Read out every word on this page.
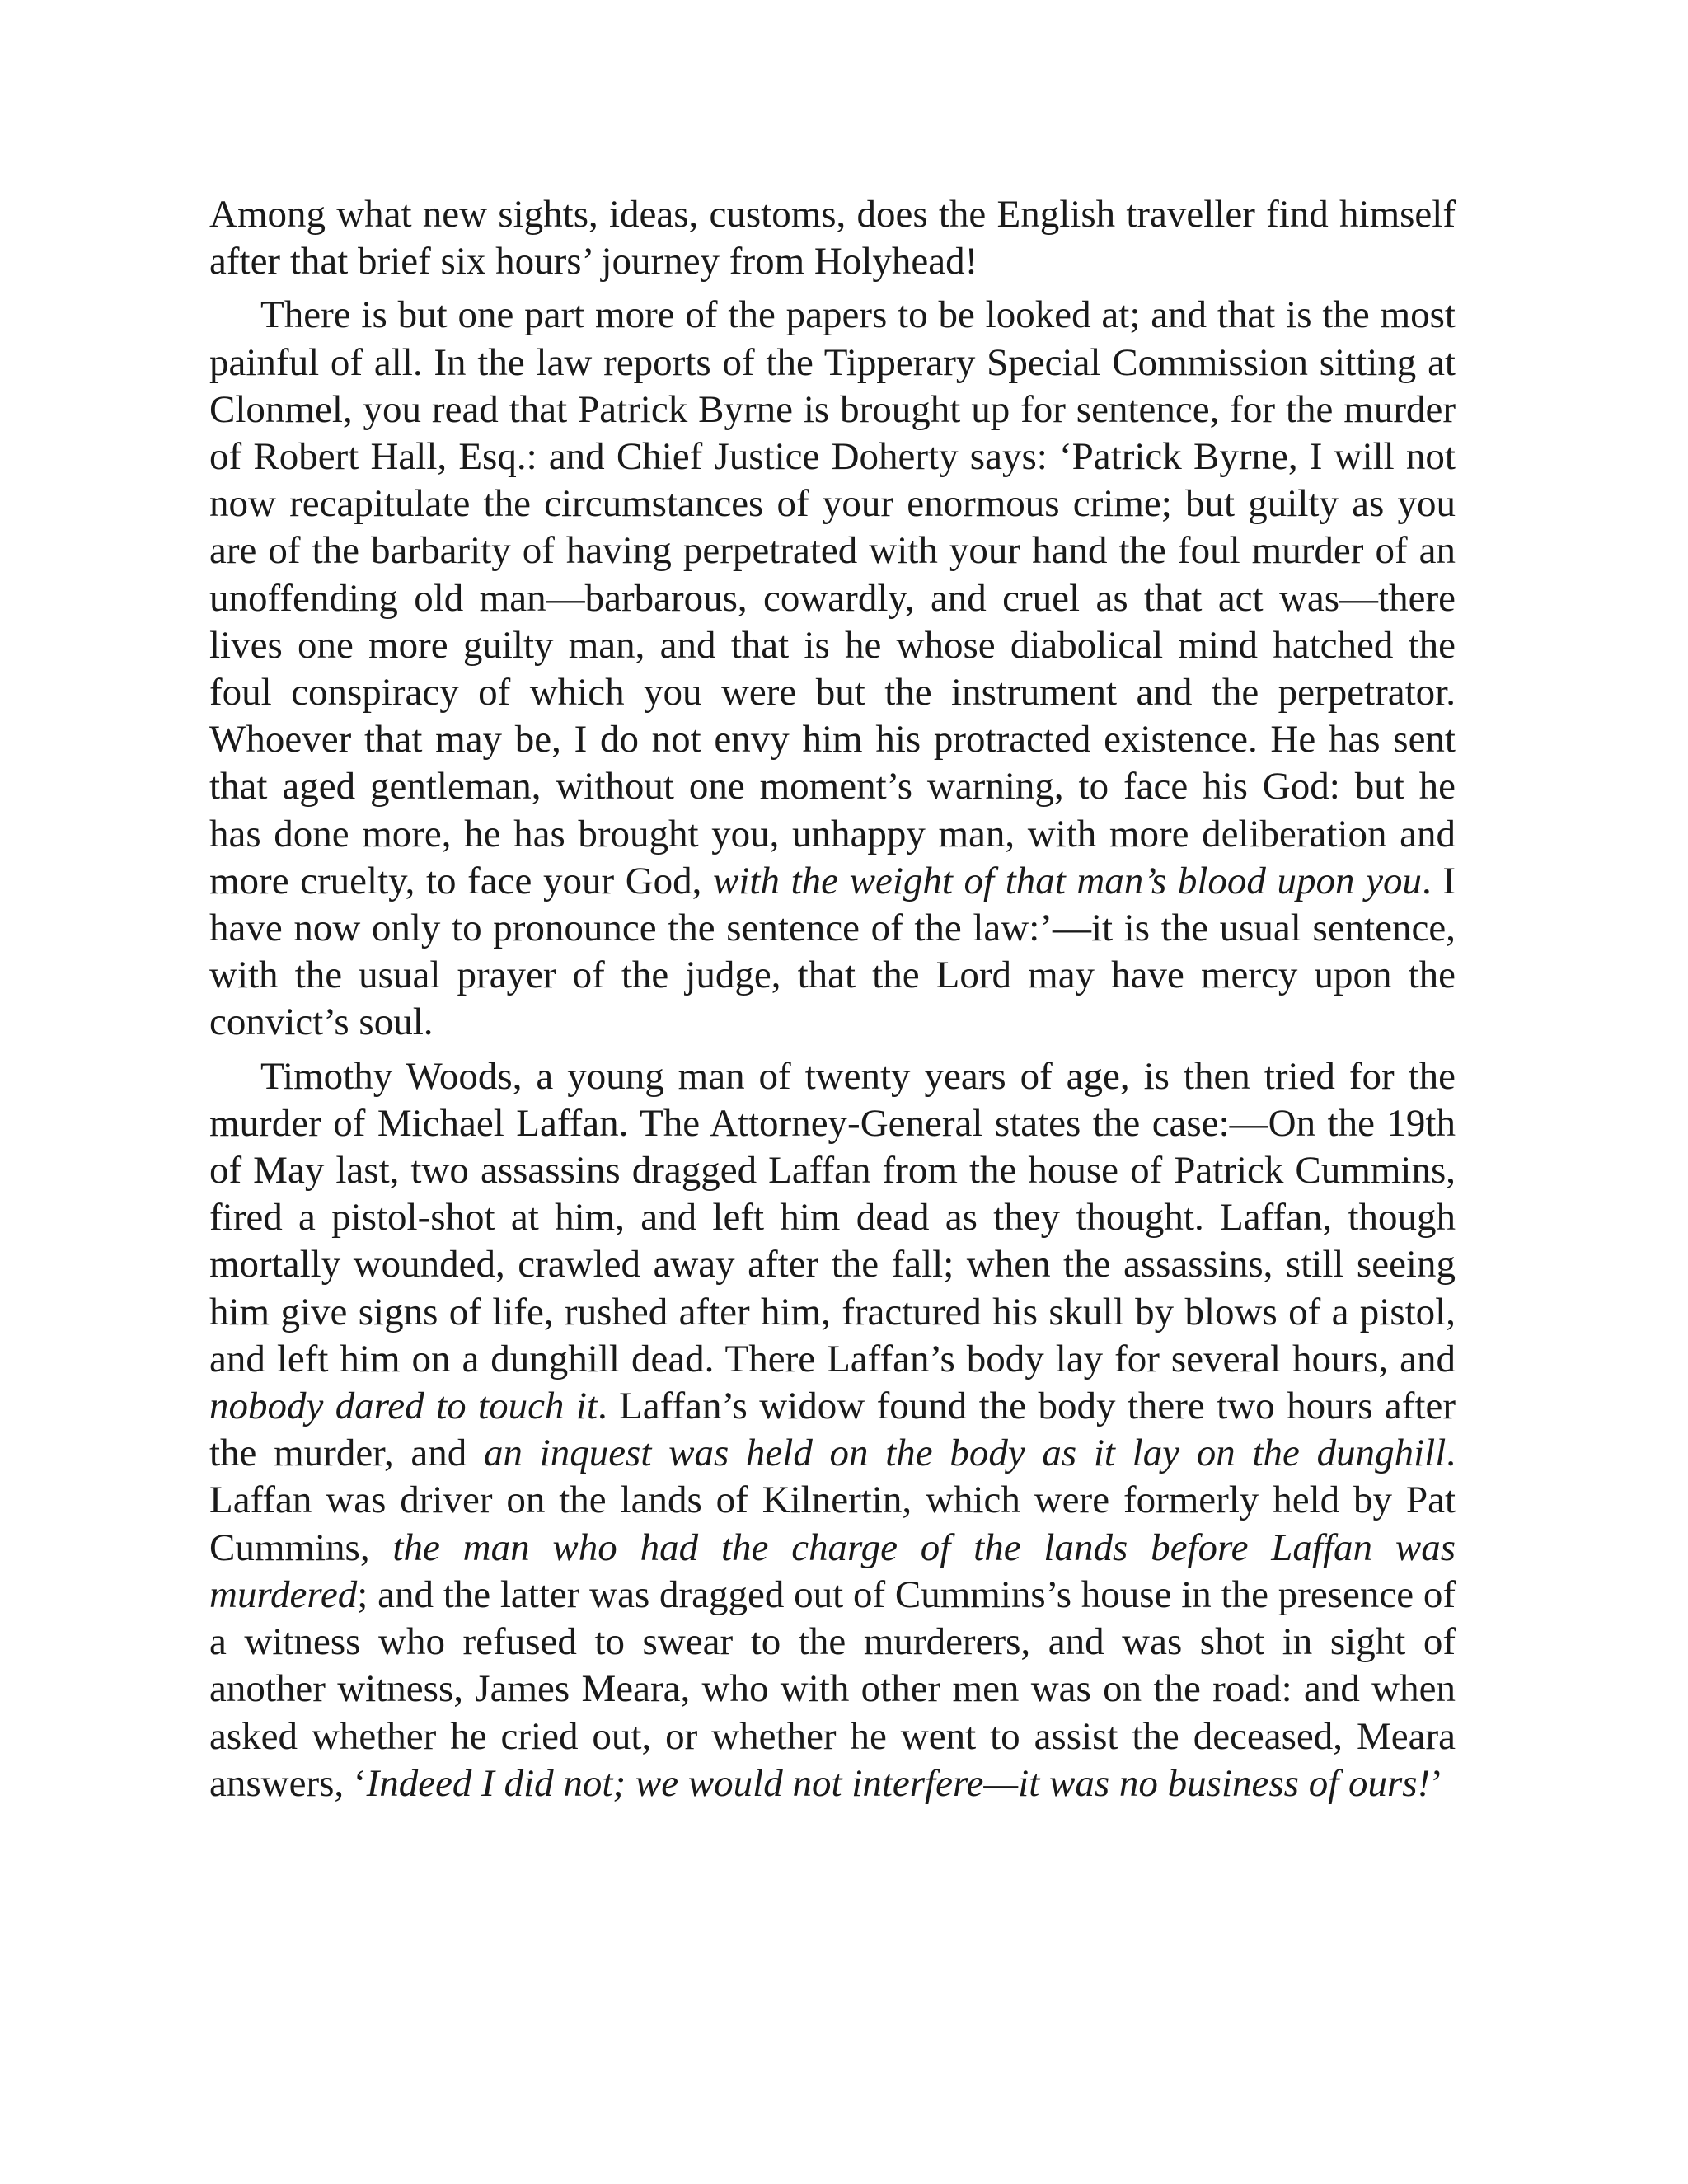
Among what new sights, ideas, customs, does the English traveller find himself after that brief six hours’ journey from Holyhead!

There is but one part more of the papers to be looked at; and that is the most painful of all. In the law reports of the Tipperary Special Commission sitting at Clonmel, you read that Patrick Byrne is brought up for sentence, for the murder of Robert Hall, Esq.: and Chief Justice Doherty says: ‘Patrick Byrne, I will not now recapitulate the circumstances of your enormous crime; but guilty as you are of the barbarity of having perpetrated with your hand the foul murder of an unoffending old man—barbarous, cowardly, and cruel as that act was—there lives one more guilty man, and that is he whose diabolical mind hatched the foul conspiracy of which you were but the instrument and the perpetrator. Whoever that may be, I do not envy him his protracted existence. He has sent that aged gentleman, without one moment’s warning, to face his God: but he has done more, he has brought you, unhappy man, with more deliberation and more cruelty, to face your God, with the weight of that man’s blood upon you. I have now only to pronounce the sentence of the law:’—it is the usual sentence, with the usual prayer of the judge, that the Lord may have mercy upon the convict’s soul.

Timothy Woods, a young man of twenty years of age, is then tried for the murder of Michael Laffan. The Attorney-General states the case:—On the 19th of May last, two assassins dragged Laffan from the house of Patrick Cummins, fired a pistol-shot at him, and left him dead as they thought. Laffan, though mortally wounded, crawled away after the fall; when the assassins, still seeing him give signs of life, rushed after him, fractured his skull by blows of a pistol, and left him on a dunghill dead. There Laffan’s body lay for several hours, and nobody dared to touch it. Laffan’s widow found the body there two hours after the murder, and an inquest was held on the body as it lay on the dunghill. Laffan was driver on the lands of Kilnertin, which were formerly held by Pat Cummins, the man who had the charge of the lands before Laffan was murdered; and the latter was dragged out of Cummins’s house in the presence of a witness who refused to swear to the murderers, and was shot in sight of another witness, James Meara, who with other men was on the road: and when asked whether he cried out, or whether he went to assist the deceased, Meara answers, ‘Indeed I did not; we would not interfere—it was no business of ours!’
